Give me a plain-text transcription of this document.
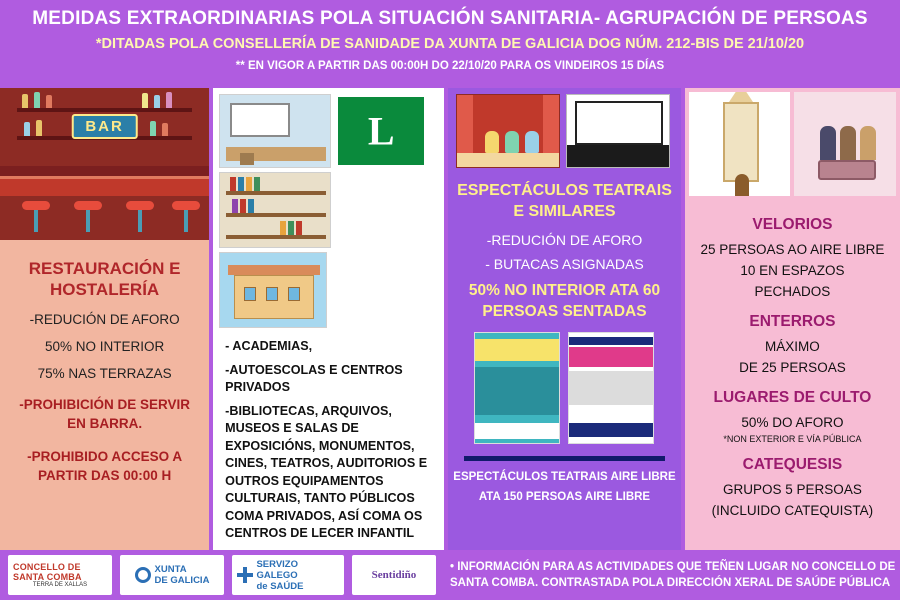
MEDIDAS EXTRAORDINARIAS POLA SITUACIÓN SANITARIA- AGRUPACIÓN DE PERSOAS
*DITADAS POLA CONSELLERÍA DE SANIDADE DA XUNTA DE GALICIA DOG NÚM. 212-BIS DE 21/10/20
** EN VIGOR A PARTIR DAS 00:00H DO 22/10/20 PARA OS VINDEIROS 15 DÍAS
BAR
RESTAURACIÓN E HOSTALERÍA
-REDUCIÓN DE AFORO
50% NO INTERIOR
75% NAS TERRAZAS
-PROHIBICIÓN DE SERVIR EN BARRA.
-PROHIBIDO ACCESO A PARTIR DAS 00:00 H
L
- ACADEMIAS,
-AUTOESCOLAS E CENTROS PRIVADOS
-BIBLIOTECAS, ARQUIVOS, MUSEOS E SALAS DE EXPOSICIÓNS, MONUMENTOS, CINES, TEATROS, AUDITORIOS E OUTROS EQUIPAMENTOS CULTURAIS, TANTO PÚBLICOS COMA PRIVADOS, ASÍ COMA OS CENTROS DE LECER INFANTIL
ESPECTÁCULOS TEATRAIS E SIMILARES
-REDUCIÓN DE AFORO
- BUTACAS ASIGNADAS
50% NO INTERIOR ATA 60 PERSOAS SENTADAS
ESPECTÁCULOS TEATRAIS AIRE LIBRE
ATA 150 PERSOAS AIRE LIBRE
VELORIOS
25 PERSOAS AO AIRE LIBRE
10 EN ESPAZOS
PECHADOS
ENTERROS
MÁXIMO
DE 25 PERSOAS
LUGARES DE CULTO
50% DO AFORO
*NON EXTERIOR E VÍA PÚBLICA
CATEQUESIS
GRUPOS 5 PERSOAS
(INCLUIDO CATEQUISTA)
CONCELLO DE SANTA COMBA
TERRA DE XALLAS
XUNTA
DE GALICIA
SERVIZO GALEGO
de SAÚDE
Sentidiño
• INFORMACIÓN PARA AS ACTIVIDADES QUE TEÑEN LUGAR NO CONCELLO DE SANTA COMBA. CONTRASTADA POLA DIRECCIÓN XERAL DE SAÚDE PÚBLICA
